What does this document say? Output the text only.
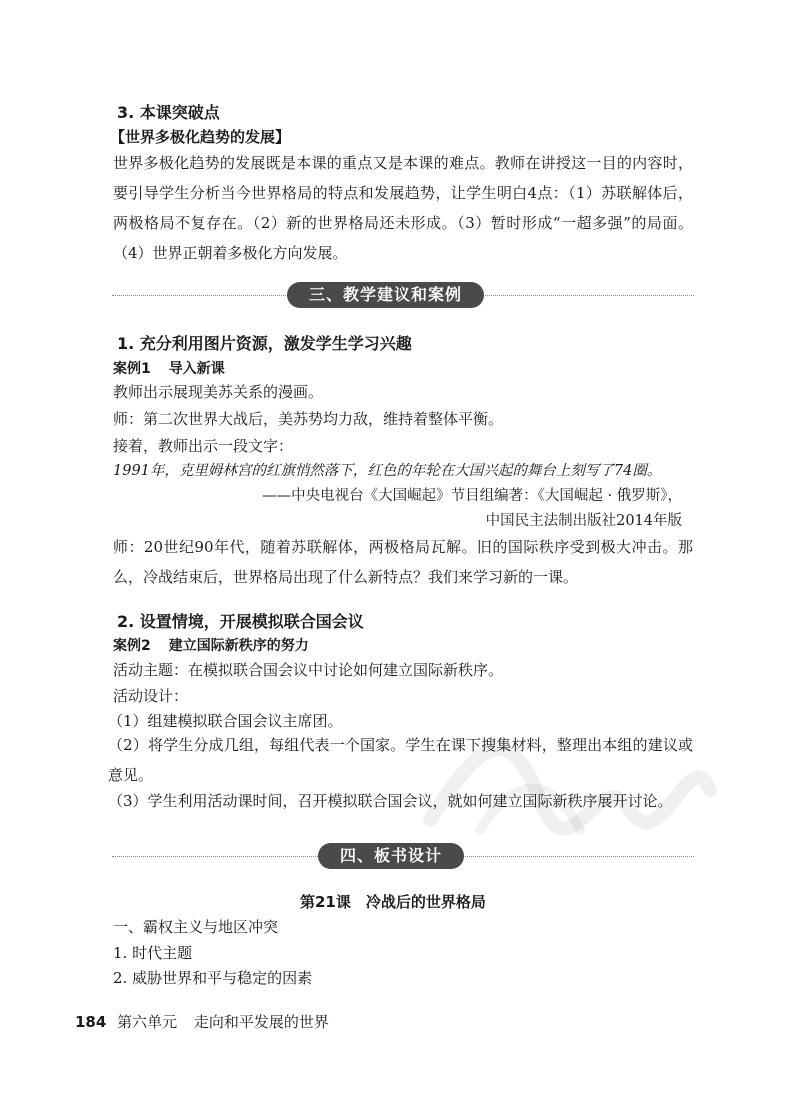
3. 本课突破点
【世界多极化趋势的发展】
世界多极化趋势的发展既是本课的重点又是本课的难点。教师在讲授这一目的内容时，要引导学生分析当今世界格局的特点和发展趋势，让学生明白4点：（1）苏联解体后，两极格局不复存在。（2）新的世界格局还未形成。（3）暂时形成“一超多强”的局面。（4）世界正朝着多极化方向发展。
三、教学建议和案例
1. 充分利用图片资源，激发学生学习兴趣
案例1 导入新课
教师出示展现美苏关系的漫画。
师：第二次世界大战后，美苏势均力敌，维持着整体平衡。
接着，教师出示一段文字：
1991年，克里姆林宫的红旗悄然落下，红色的年轮在大国兴起的舞台上刻写了74圈。
——中央电视台《大国崛起》节目组编著：《大国崛起 · 俄罗斯》，
中国民主法制出版社2014年版
师：20世纪90年代，随着苏联解体，两极格局瓦解。旧的国际秩序受到极大冲击。那么，冷战结束后，世界格局出现了什么新特点？我们来学习新的一课。
2. 设置情境，开展模拟联合国会议
案例2 建立国际新秩序的努力
活动主题：在模拟联合国会议中讨论如何建立国际新秩序。
活动设计：
（1）组建模拟联合国会议主席团。
（2）将学生分成几组，每组代表一个国家。学生在课下搜集材料，整理出本组的建议或意见。
（3）学生利用活动课时间，召开模拟联合国会议，就如何建立国际新秩序展开讨论。
四、板书设计
第21课　冷战后的世界格局
一、霸权主义与地区冲突
1. 时代主题
2. 威胁世界和平与稳定的因素
184 第六单元 走向和平发展的世界
